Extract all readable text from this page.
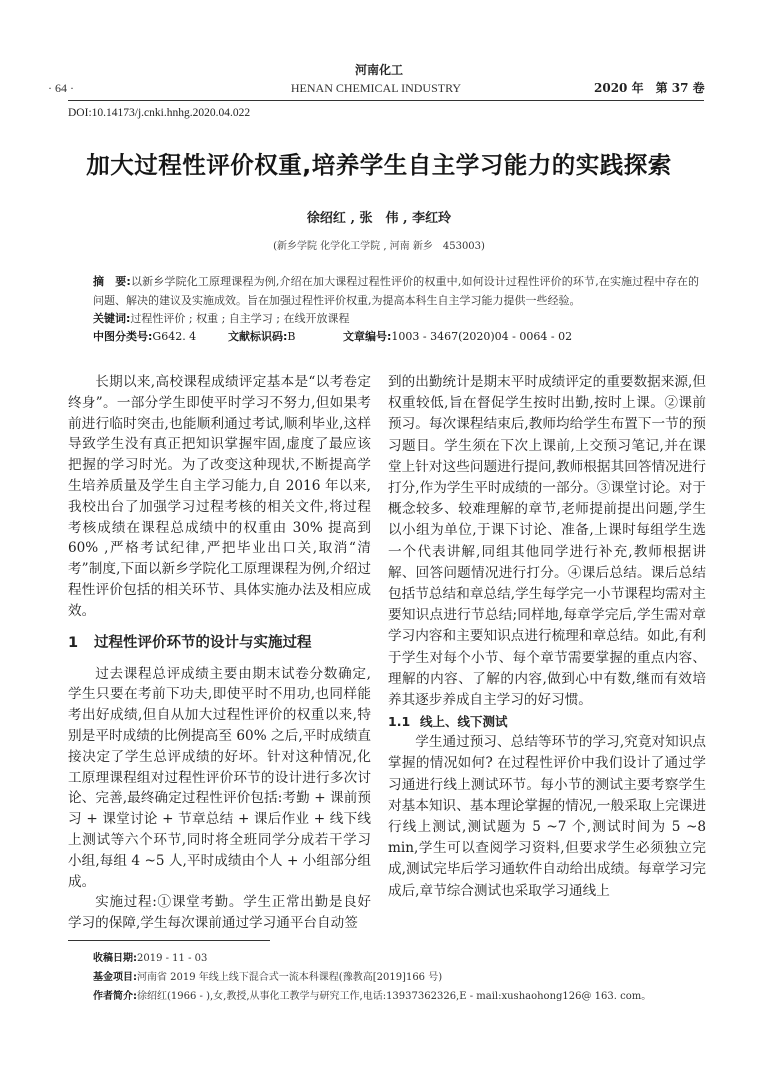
河南化工
· 64 ·	HENAN CHEMICAL INDUSTRY	2020 年　第 37 卷
DOI:10.14173/j.cnki.hnhg.2020.04.022
加大过程性评价权重,培养学生自主学习能力的实践探索
徐绍红 , 张　伟 , 李红玲
(新乡学院 化学化工学院 , 河南 新乡　453003)
摘　要:以新乡学院化工原理课程为例,介绍在加大课程过程性评价的权重中,如何设计过程性评价的环节,在实施过程中存在的问题、解决的建议及实施成效。旨在加强过程性评价权重,为提高本科生自主学习能力提供一些经验。
关键词:过程性评价 ; 权重 ; 自主学习 ; 在线开放课程
中图分类号:G642. 4	文献标识码:B	文章编号:1003 - 3467(2020)04 - 0064 - 02

长期以来,高校课程成绩评定基本是“以考卷定终身”。一部分学生即使平时学习不努力,但如果考前进行临时突击,也能顺利通过考试,顺利毕业,这样导致学生没有真正把知识掌握牢固,虚度了最应该把握的学习时光。为了改变这种现状,不断提高学生培养质量及学生自主学习能力,自 2016 年以来,我校出台了加强学习过程考核的相关文件,将过程考核成绩在课程总成绩中的权重由 30% 提高到 60% ,严格考试纪律,严把毕业出口关,取消“清考”制度,下面以新乡学院化工原理课程为例,介绍过程性评价包括的相关环节、具体实施办法及相应成效。

1 过程性评价环节的设计与实施过程

过去课程总评成绩主要由期末试卷分数确定,学生只要在考前下功夫,即使平时不用功,也同样能考出好成绩,但自从加大过程性评价的权重以来,特别是平时成绩的比例提高至 60% 之后,平时成绩直接决定了学生总评成绩的好坏。针对这种情况,化工原理课程组对过程性评价环节的设计进行多次讨论、完善,最终确定过程性评价包括:考勤 + 课前预习 + 课堂讨论 + 节章总结 + 课后作业 + 线下线上测试等六个环节,同时将全班同学分成若干学习小组,每组 4 ~5 人,平时成绩由个人 + 小组部分组成。

实施过程:①课堂考勤。学生正常出勤是良好学习的保障,学生每次课前通过学习通平台自动签

到的出勤统计是期末平时成绩评定的重要数据来源,但权重较低,旨在督促学生按时出勤,按时上课。②课前预习。每次课程结束后,教师均给学生布置下一节的预习题目。学生须在下次上课前,上交预习笔记,并在课堂上针对这些问题进行提问,教师根据其回答情况进行打分,作为学生平时成绩的一部分。③课堂讨论。对于概念较多、较难理解的章节,老师提前提出问题,学生以小组为单位,于课下讨论、准备,上课时每组学生选一个代表讲解,同组其他同学进行补充,教师根据讲解、回答问题情况进行打分。④课后总结。课后总结包括节总结和章总结,学生每学完一小节课程均需对主要知识点进行节总结;同样地,每章学完后,学生需对章学习内容和主要知识点进行梳理和章总结。如此,有利于学生对每个小节、每个章节需要掌握的重点内容、理解的内容、了解的内容,做到心中有数,继而有效培养其逐步养成自主学习的好习惯。

1.1 线上、线下测试

学生通过预习、总结等环节的学习,究竟对知识点掌握的情况如何? 在过程性评价中我们设计了通过学习通进行线上测试环节。每小节的测试主要考察学生对基本知识、基本理论掌握的情况,一般采取上完课进行线上测试,测试题为 5 ~7 个,测试时间为 5 ~8 min,学生可以查阅学习资料,但要求学生必须独立完成,测试完毕后学习通软件自动给出成绩。每章学习完成后,章节综合测试也采取学习通线上

收稿日期:2019 - 11 - 03
基金项目:河南省 2019 年线上线下混合式一流本科课程(豫教高[2019]166 号)
作者简介:徐绍红(1966 - ),女,教授,从事化工教学与研究工作,电话:13937362326,E - mail:xushaohong126@ 163. com。
